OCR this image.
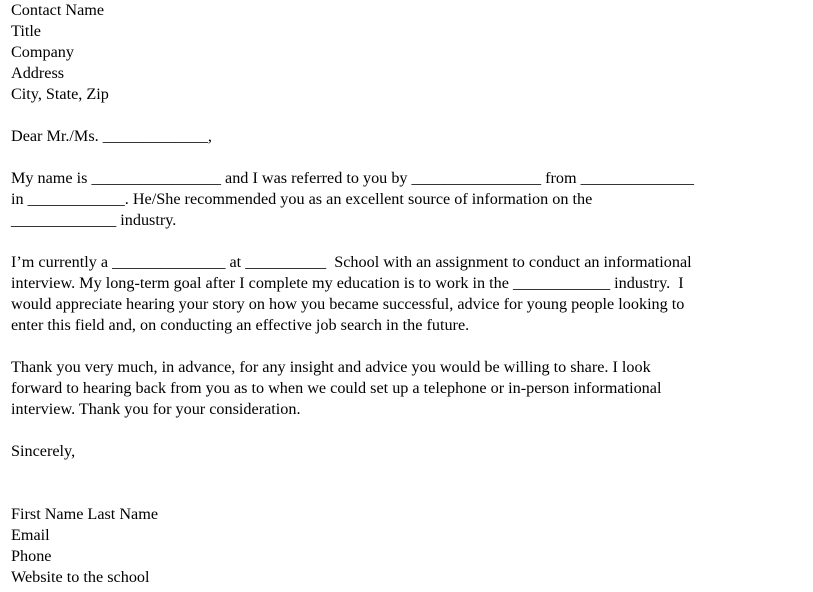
Contact Name
Title
Company
Address
City, State, Zip
Dear Mr./Ms. _____________,
My name is ________________ and I was referred to you by ________________ from ______________
in ____________. He/She recommended you as an excellent source of information on the
_____________ industry.
I’m currently a ______________ at __________  School with an assignment to conduct an informational
interview. My long-term goal after I complete my education is to work in the ____________ industry.  I
would appreciate hearing your story on how you became successful, advice for young people looking to
enter this field and, on conducting an effective job search in the future.
Thank you very much, in advance, for any insight and advice you would be willing to share. I look
forward to hearing back from you as to when we could set up a telephone or in-person informational
interview. Thank you for your consideration.
Sincerely,
First Name Last Name
Email
Phone
Website to the school
